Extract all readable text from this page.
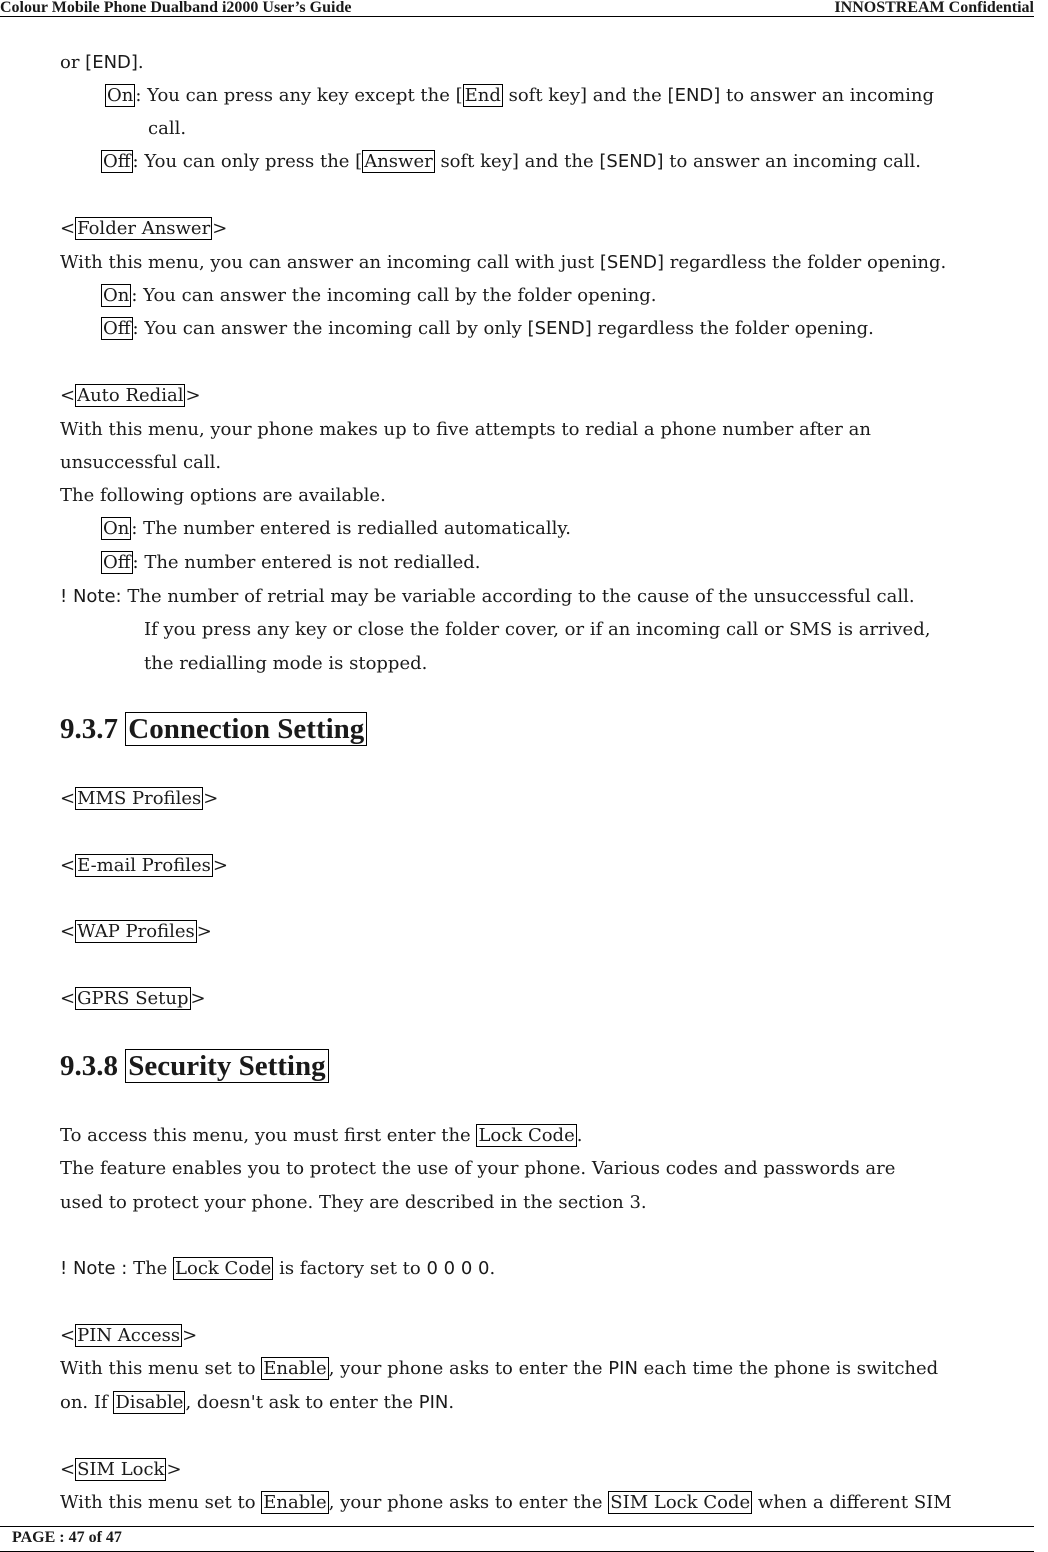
Colour Mobile Phone Dualband i2000 User’s Guide	INNOSTREAM Confidential
or [END].
On : You can press any key except the [ End soft key] and the [END] to answer an incoming
call.
Off : You can only press the [ Answer soft key] and the [SEND] to answer an incoming call.
< Folder Answer >
With this menu, you can answer an incoming call with just [SEND] regardless the folder opening.
On : You can answer the incoming call by the folder opening.
Off : You can answer the incoming call by only [SEND] regardless the folder opening.
< Auto Redial >
With this menu, your phone makes up to five attempts to redial a phone number after an
unsuccessful call.
The following options are available.
On : The number entered is redialled automatically.
Off : The number entered is not redialled.
! Note: The number of retrial may be variable according to the cause of the unsuccessful call.
If you press any key or close the folder cover, or if an incoming call or SMS is arrived,
the redialling mode is stopped.
9.3.7 Connection Setting
< MMS Profiles >
< E-mail Profiles >
< WAP Profiles >
< GPRS Setup >
9.3.8 Security Setting
To access this menu, you must first enter the Lock Code .
The feature enables you to protect the use of your phone. Various codes and passwords are
used to protect your phone. They are described in the section 3.
! Note : The Lock Code is factory set to 0 0 0 0.
< PIN Access >
With this menu set to Enable , your phone asks to enter the PIN each time the phone is switched
on. If Disable , doesn't ask to enter the PIN.
< SIM Lock >
With this menu set to Enable , your phone asks to enter the SIM Lock Code when a different SIM
PAGE : 47 of 47
